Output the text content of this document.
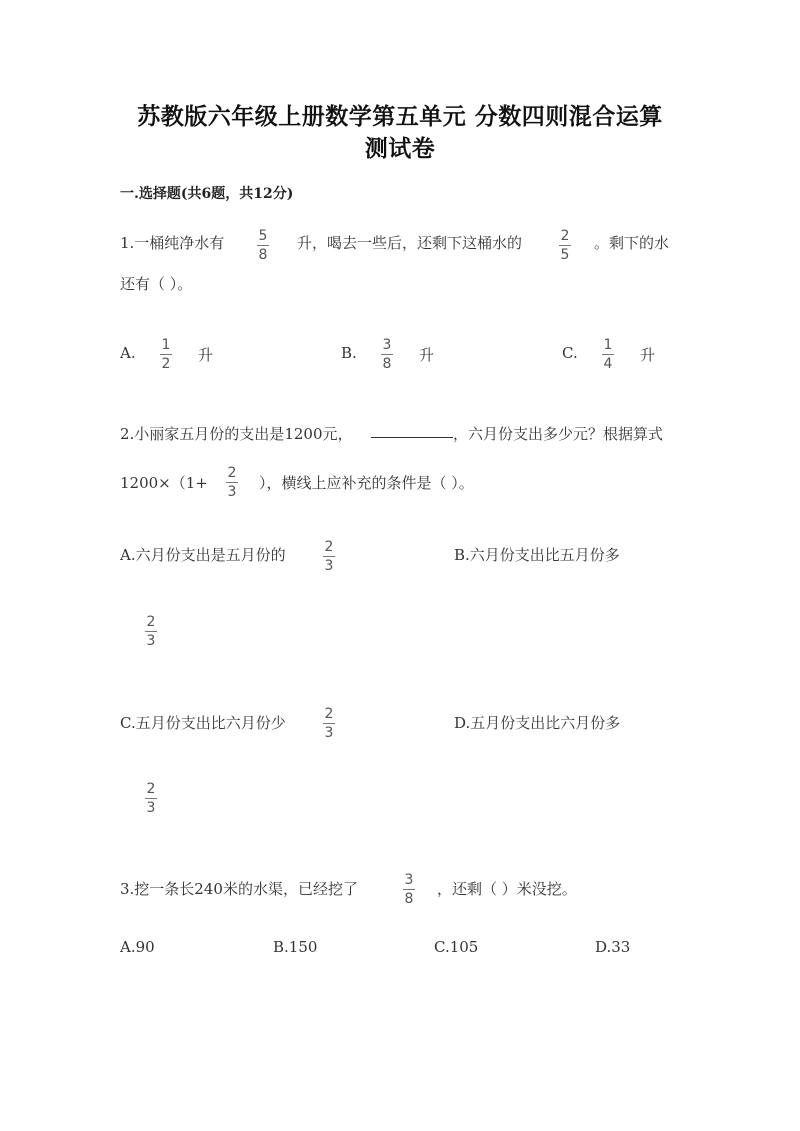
苏教版六年级上册数学第五单元 分数四则混合运算
测试卷
一.选择题(共6题，共12分)
1.一桶纯净水有 5
8
升，喝去一些后，还剩下这桶水的	2
5
。剩下的水
还有（ ）。
A. 1
2 升	B. 3
8 升	C. 1
4 升
2.小丽家五月份的支出是1200元，	，六月份支出多少元？根据算式
1200×（1+
2
3 ），横线上应补充的条件是（ ）。
A.六月份支出是五月份的	2
3
B.六月份支出比五月份多
2
3
C.五月份支出比六月份少	2
3
D.五月份支出比六月份多
2
3
3.挖一条长240米的水渠，已经挖了	3
8
，还剩（ ）米没挖。
A.90	B.150	C.105	D.33
